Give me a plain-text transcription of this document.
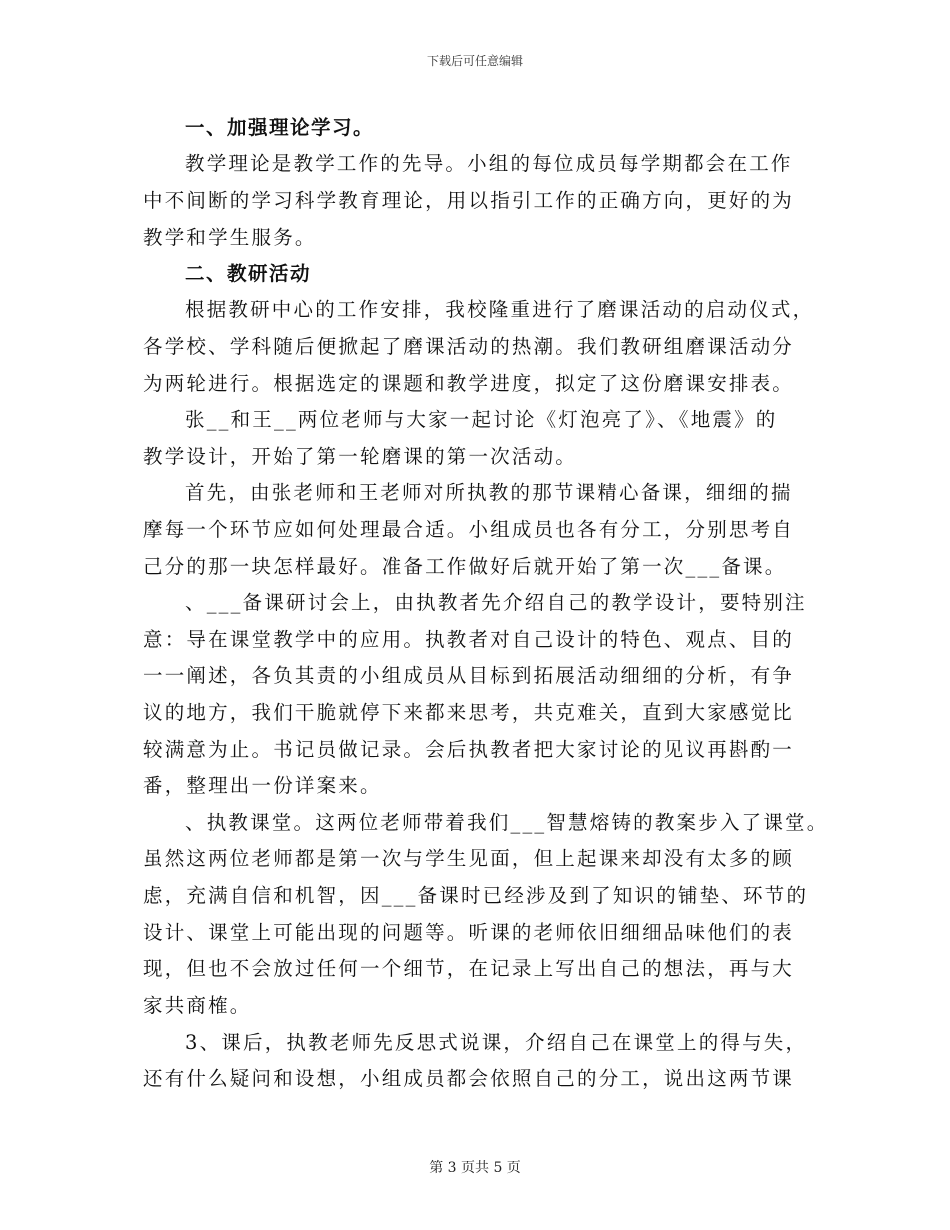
下载后可任意编辑
一、加强理论学习。
教学理论是教学工作的先导。小组的每位成员每学期都会在工作
中不间断的学习科学教育理论，用以指引工作的正确方向，更好的为
教学和学生服务。
二、教研活动
根据教研中心的工作安排，我校隆重进行了磨课活动的启动仪式，
各学校、学科随后便掀起了磨课活动的热潮。我们教研组磨课活动分
为两轮进行。根据选定的课题和教学进度，拟定了这份磨课安排表。
张__和王__两位老师与大家一起讨论《灯泡亮了》、《地震》的
教学设计，开始了第一轮磨课的第一次活动。
首先，由张老师和王老师对所执教的那节课精心备课，细细的揣
摩每一个环节应如何处理最合适。小组成员也各有分工，分别思考自
己分的那一块怎样最好。准备工作做好后就开始了第一次___备课。
、___备课研讨会上，由执教者先介绍自己的教学设计，要特别注
意：导在课堂教学中的应用。执教者对自己设计的特色、观点、目的
一一阐述，各负其责的小组成员从目标到拓展活动细细的分析，有争
议的地方，我们干脆就停下来都来思考，共克难关，直到大家感觉比
较满意为止。书记员做记录。会后执教者把大家讨论的见议再斟酌一
番，整理出一份详案来。
、执教课堂。这两位老师带着我们___智慧熔铸的教案步入了课堂。
虽然这两位老师都是第一次与学生见面，但上起课来却没有太多的顾
虑，充满自信和机智，因___备课时已经涉及到了知识的铺垫、环节的
设计、课堂上可能出现的问题等。听课的老师依旧细细品味他们的表
现，但也不会放过任何一个细节，在记录上写出自己的想法，再与大
家共商榷。
3、课后，执教老师先反思式说课，介绍自己在课堂上的得与失，
还有什么疑问和设想，小组成员都会依照自己的分工，说出这两节课
第 3 页共 5 页
